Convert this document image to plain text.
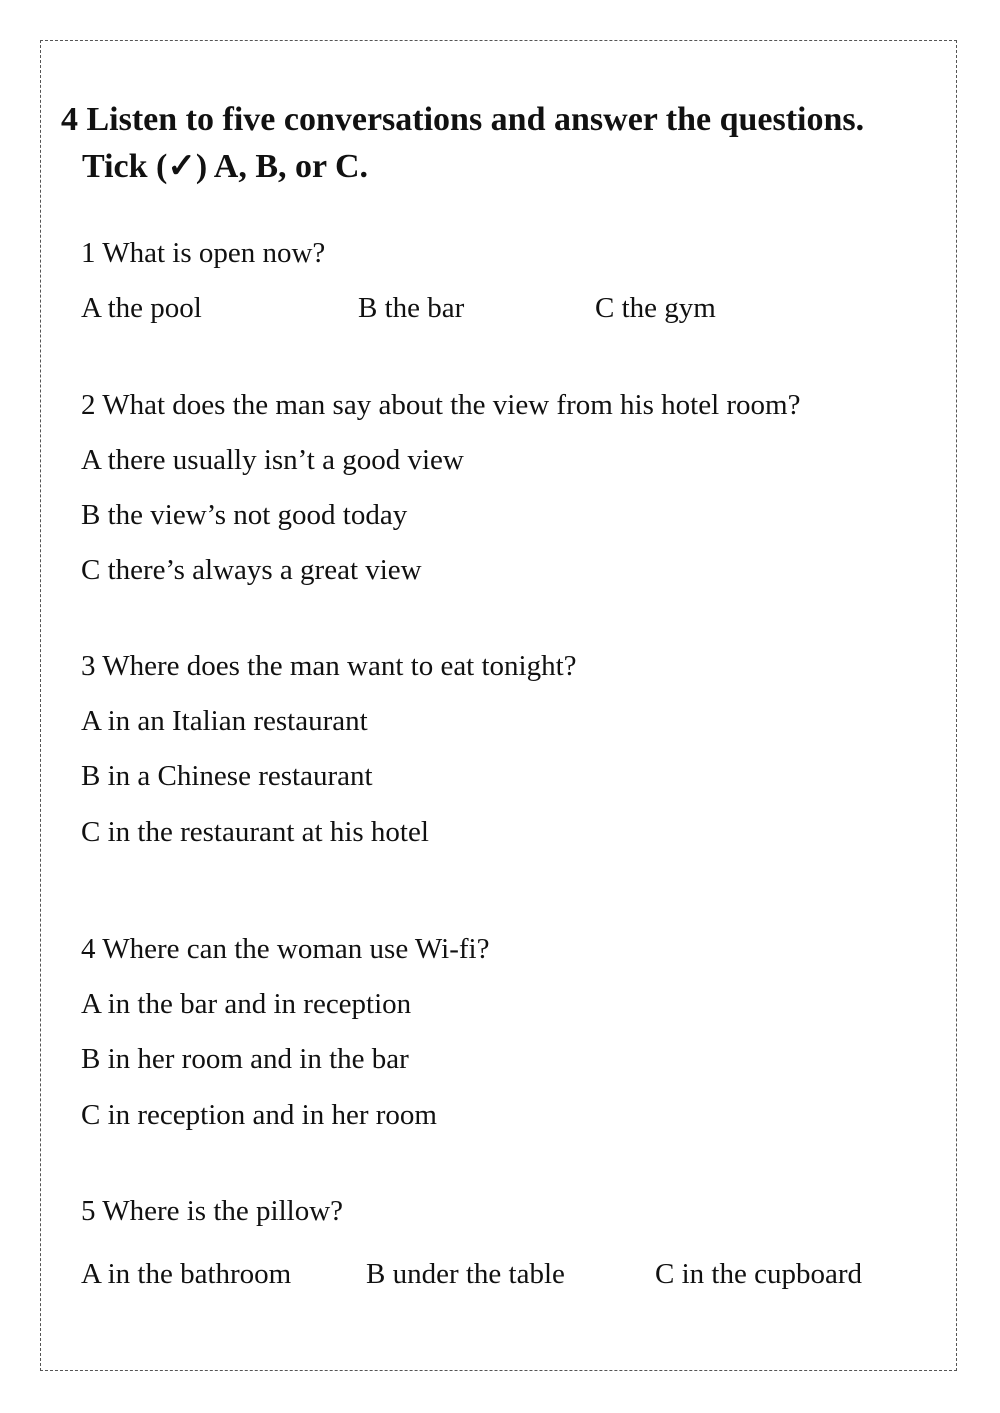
4 Listen to five conversations and answer the questions.
Tick (✓) A, B, or C.
1 What is open now?
A the pool	B the bar	C the gym
2 What does the man say about the view from his hotel room?
A there usually isn’t a good view
B the view’s not good today
C there’s always a great view
3 Where does the man want to eat tonight?
A in an Italian restaurant
B in a Chinese restaurant
C in the restaurant at his hotel
4 Where can the woman use Wi-fi?
A in the bar and in reception
B in her room and in the bar
C in reception and in her room
5 Where is the pillow?
A in the bathroom	B under the table	C in the cupboard
